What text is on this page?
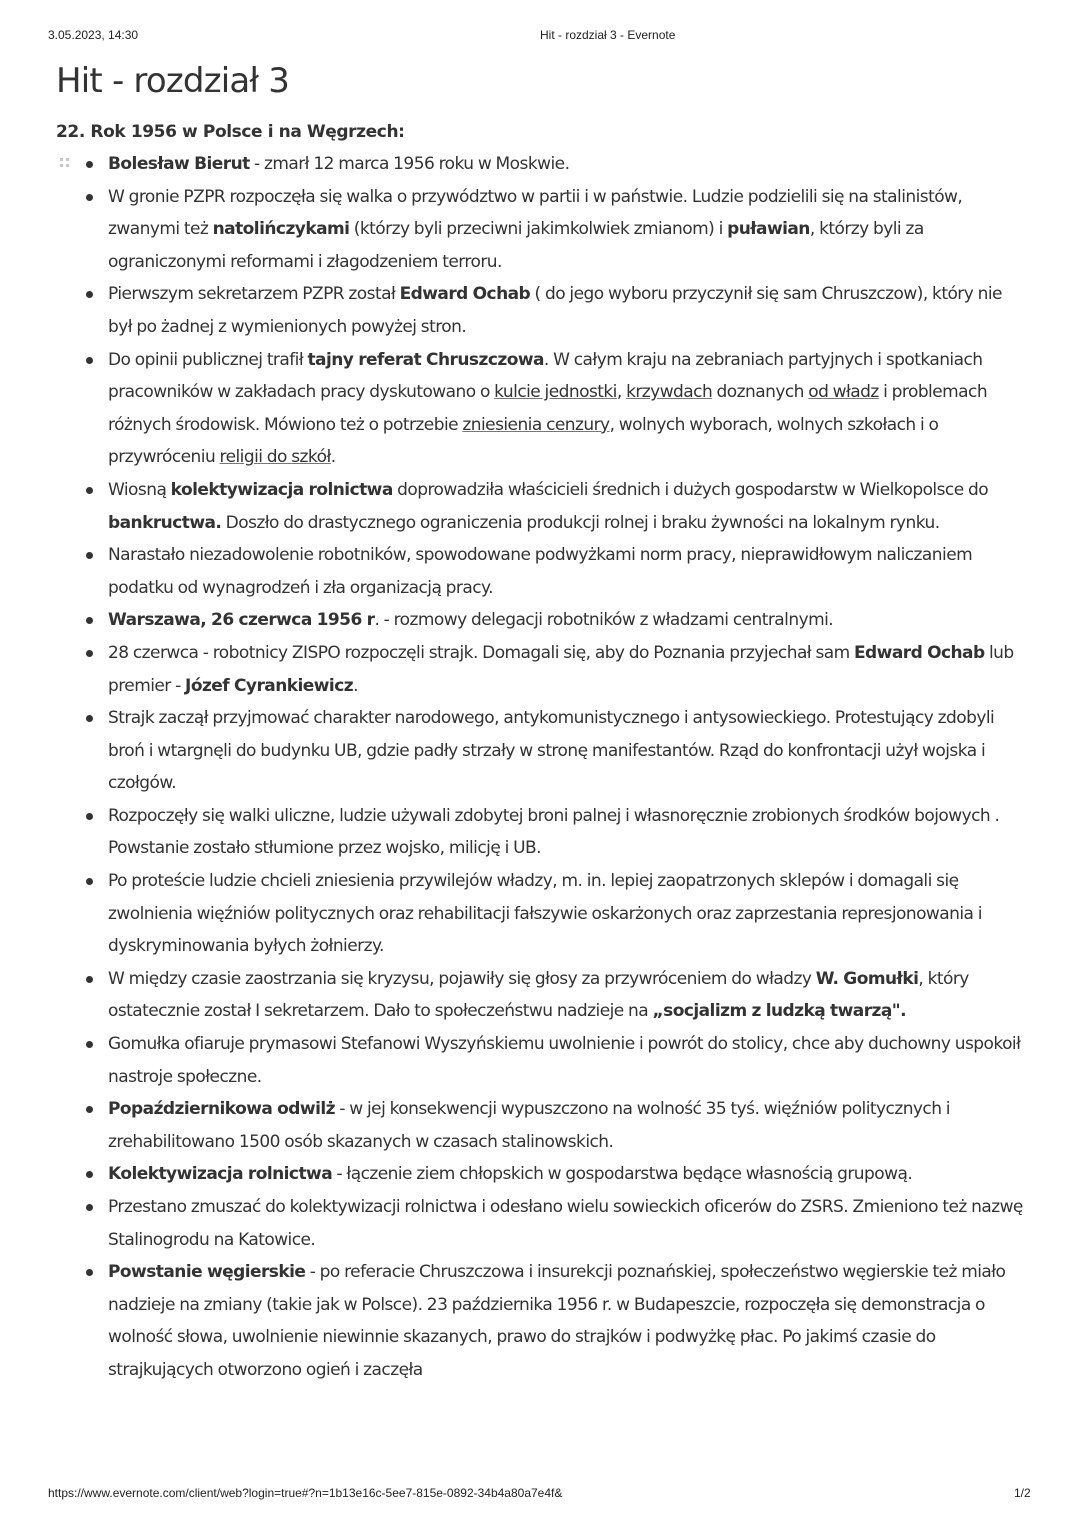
3.05.2023, 14:30	Hit - rozdział 3 - Evernote
Hit - rozdział 3
22. Rok 1956 w Polsce i na Węgrzech:
Bolesław Bierut - zmarł 12 marca 1956 roku w Moskwie.
W gronie PZPR rozpoczęła się walka o przywództwo w partii i w państwie. Ludzie podzielili się na stalinistów, zwanymi też natolińczykami (którzy byli przeciwni jakimkolwiek zmianom) i puławian, którzy byli za ograniczonymi reformami i złagodzeniem terroru.
Pierwszym sekretarzem PZPR został Edward Ochab ( do jego wyboru przyczynił się sam Chruszczow), który nie był po żadnej z wymienionych powyżej stron.
Do opinii publicznej trafił tajny referat Chruszczowa. W całym kraju na zebraniach partyjnych i spotkaniach pracowników w zakładach pracy dyskutowano o kulcie jednostki, krzywdach doznanych od władz i problemach różnych środowisk. Mówiono też o potrzebie zniesienia cenzury, wolnych wyborach, wolnych szkołach i o przywróceniu religii do szkół.
Wiosną kolektywizacja rolnictwa doprowadziła właścicieli średnich i dużych gospodarstw w Wielkopolsce do bankructwa. Doszło do drastycznego ograniczenia produkcji rolnej i braku żywności na lokalnym rynku.
Narastało niezadowolenie robotników, spowodowane podwyżkami norm pracy, nieprawidłowym naliczaniem podatku od wynagrodzeń i zła organizacją pracy.
Warszawa, 26 czerwca 1956 r. - rozmowy delegacji robotników z władzami centralnymi.
28 czerwca - robotnicy ZISPO rozpoczęli strajk. Domagali się, aby do Poznania przyjechał sam Edward Ochab lub premier - Józef Cyrankiewicz.
Strajk zaczął przyjmować charakter narodowego, antykomunistycznego i antysowieckiego. Protestujący zdobyli broń i wtargnęli do budynku UB, gdzie padły strzały w stronę manifestantów. Rząd do konfrontacji użył wojska i czołgów.
Rozpoczęły się walki uliczne, ludzie używali zdobytej broni palnej i własnoręcznie zrobionych środków bojowych . Powstanie zostało stłumione przez wojsko, milicję i UB.
Po proteście ludzie chcieli zniesienia przywilejów władzy, m. in. lepiej zaopatrzonych sklepów i domagali się zwolnienia więźniów politycznych oraz rehabilitacji fałszywie oskarżonych oraz zaprzestania represjonowania i dyskryminowania byłych żołnierzy.
W między czasie zaostrzania się kryzysu, pojawiły się głosy za przywróceniem do władzy W. Gomułki, który ostatecznie został I sekretarzem. Dało to społeczeństwu nadzieje na „socjalizm z ludzką twarzą".
Gomułka ofiaruje prymasowi Stefanowi Wyszyńskiemu uwolnienie i powrót do stolicy, chce aby duchowny uspokoił nastroje społeczne.
Popaździernikowa odwilż - w jej konsekwencji wypuszczono na wolność 35 tyś. więźniów politycznych i zrehabilitowano 1500 osób skazanych w czasach stalinowskich.
Kolektywizacja rolnictwa - łączenie ziem chłopskich w gospodarstwa będące własnością grupową.
Przestano zmuszać do kolektywizacji rolnictwa i odesłano wielu sowieckich oficerów do ZSRS. Zmieniono też nazwę Stalinogrodu na Katowice.
Powstanie węgierskie - po referacie Chruszczowa i insurekcji poznańskiej, społeczeństwo węgierskie też miało nadzieje na zmiany (takie jak w Polsce). 23 października 1956 r. w Budapeszcie, rozpoczęła się demonstracja o wolność słowa, uwolnienie niewinnie skazanych, prawo do strajków i podwyżkę płac. Po jakimś czasie do strajkujących otworzono ogień i zaczęła
https://www.evernote.com/client/web?login=true#?n=1b13e16c-5ee7-815e-0892-34b4a80a7e4f&	1/2
